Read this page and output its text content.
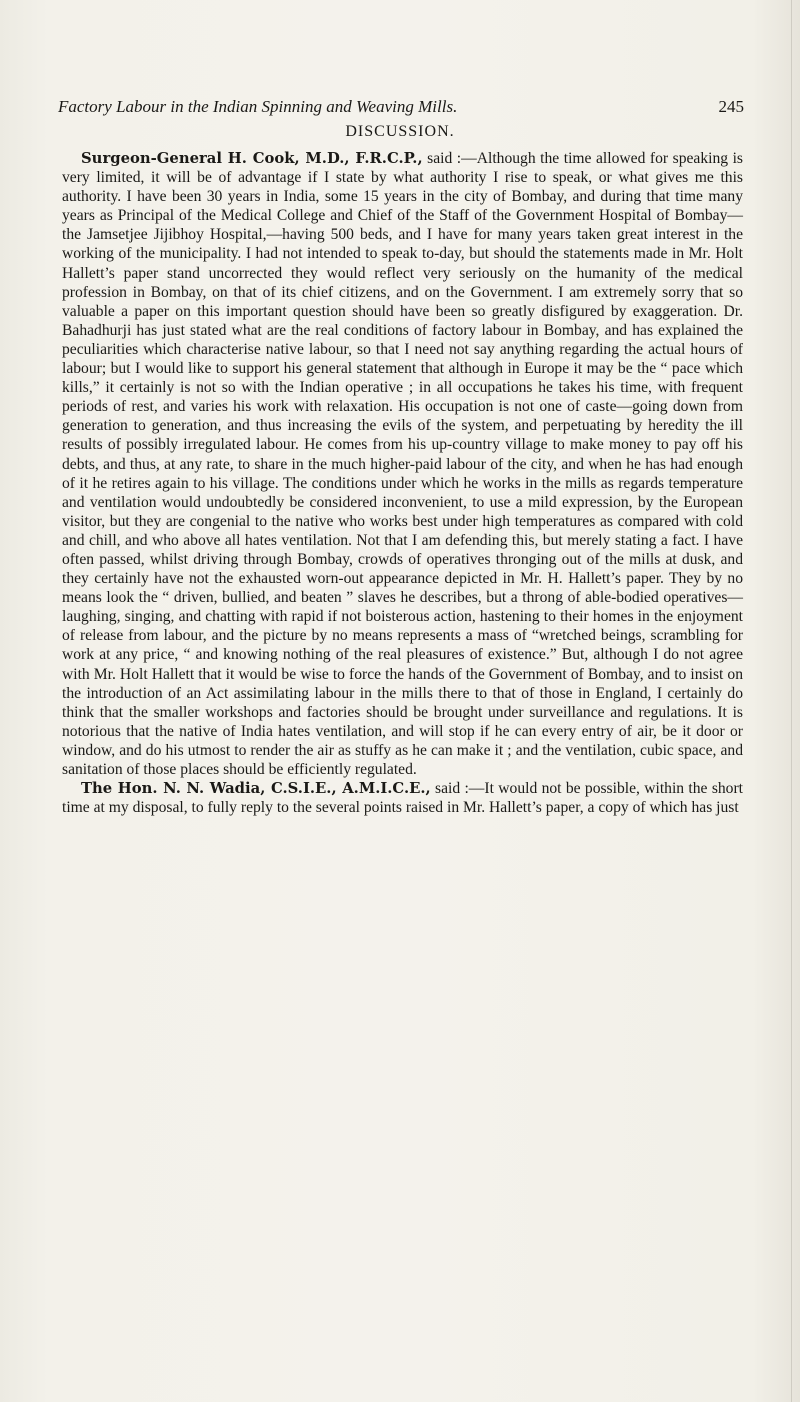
Factory Labour in the Indian Spinning and Weaving Mills.	245
DISCUSSION.

Surgeon-General H. Cook, M.D., F.R.C.P., said :—Although the time allowed for speaking is very limited, it will be of advantage if I state by what authority I rise to speak, or what gives me this authority. I have been 30 years in India, some 15 years in the city of Bombay, and during that time many years as Principal of the Medical College and Chief of the Staff of the Government Hospital of Bombay—the Jamsetjee Jijibhoy Hospital,—having 500 beds, and I have for many years taken great interest in the working of the municipality. I had not intended to speak to-day, but should the statements made in Mr. Holt Hallett’s paper stand uncorrected they would reflect very seriously on the humanity of the medical profession in Bombay, on that of its chief citizens, and on the Government. I am extremely sorry that so valuable a paper on this important question should have been so greatly disfigured by exaggeration. Dr. Bahadhurji has just stated what are the real conditions of factory labour in Bombay, and has explained the peculiarities which characterise native labour, so that I need not say anything regarding the actual hours of labour; but I would like to support his general statement that although in Europe it may be the “ pace which kills,” it certainly is not so with the Indian operative ; in all occupations he takes his time, with frequent periods of rest, and varies his work with relaxation. His occupation is not one of caste—going down from generation to generation, and thus increasing the evils of the system, and perpetuating by heredity the ill results of possibly irregulated labour. He comes from his up-country village to make money to pay off his debts, and thus, at any rate, to share in the much higher-paid labour of the city, and when he has had enough of it he retires again to his village. The conditions under which he works in the mills as regards temperature and ventilation would undoubtedly be considered inconvenient, to use a mild expression, by the European visitor, but they are congenial to the native who works best under high temperatures as compared with cold and chill, and who above all hates ventilation. Not that I am defending this, but merely stating a fact. I have often passed, whilst driving through Bombay, crowds of operatives thronging out of the mills at dusk, and they certainly have not the exhausted worn-out appearance depicted in Mr. H. Hallett’s paper. They by no means look the “ driven, bullied, and beaten ” slaves he describes, but a throng of able-bodied operatives—laughing, singing, and chatting with rapid if not boisterous action, hastening to their homes in the enjoyment of release from labour, and the picture by no means represents a mass of “wretched beings, scrambling for work at any price, “ and knowing nothing of the real pleasures of existence.” But, although I do not agree with Mr. Holt Hallett that it would be wise to force the hands of the Government of Bombay, and to insist on the introduction of an Act assimilating labour in the mills there to that of those in England, I certainly do think that the smaller workshops and factories should be brought under surveillance and regulations. It is notorious that the native of India hates ventilation, and will stop if he can every entry of air, be it door or window, and do his utmost to render the air as stuffy as he can make it ; and the ventilation, cubic space, and sanitation of those places should be efficiently regulated.

The Hon. N. N. Wadia, C.S.I.E., A.M.I.C.E., said :—It would not be possible, within the short time at my disposal, to fully reply to the several points raised in Mr. Hallett’s paper, a copy of which has just
